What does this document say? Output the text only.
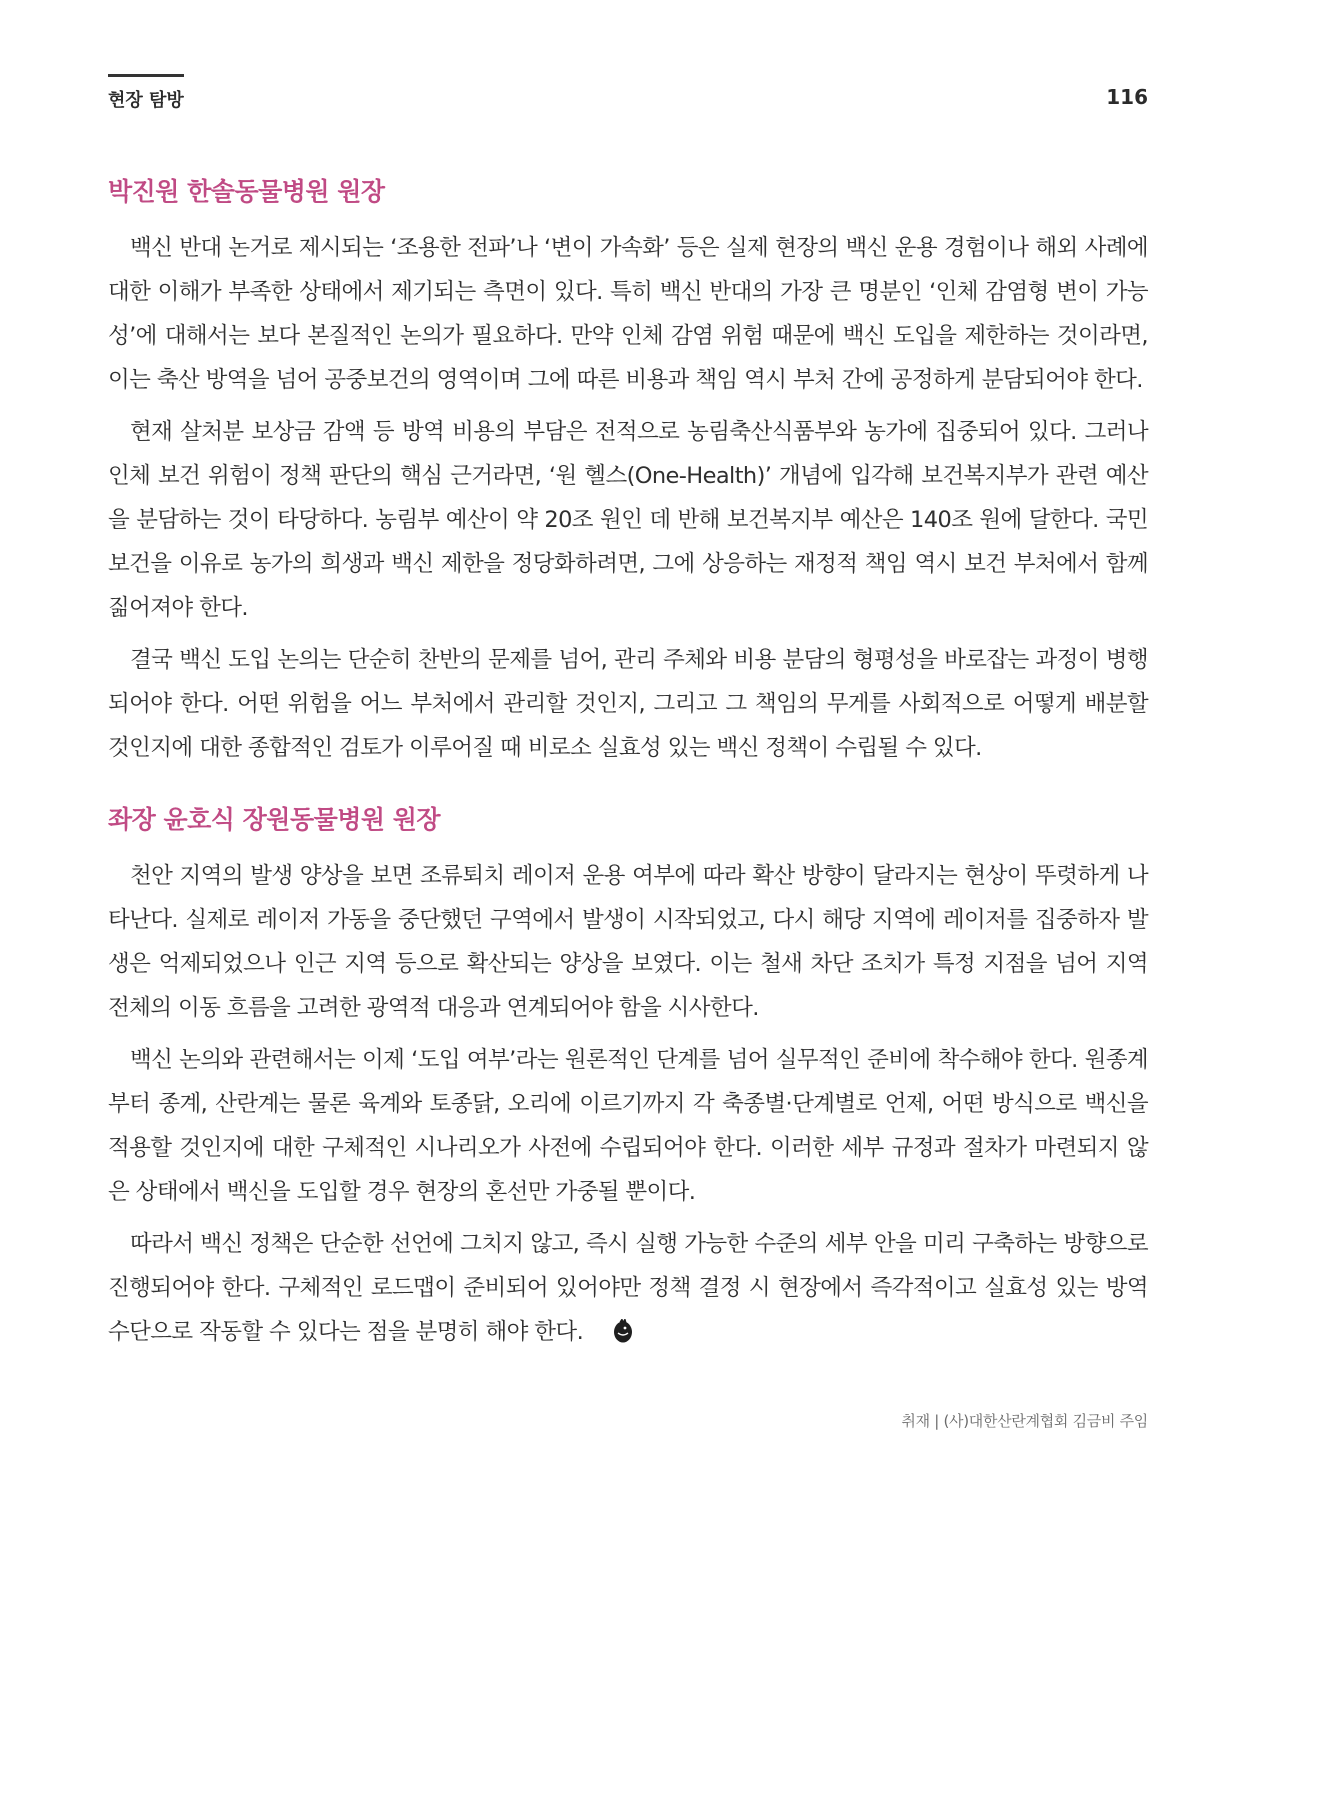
현장 탐방	116
박진원 한솔동물병원 원장

백신 반대 논거로 제시되는 ‘조용한 전파’나 ‘변이 가속화’ 등은 실제 현장의 백신 운용 경험이나 해외 사례에 대한 이해가 부족한 상태에서 제기되는 측면이 있다. 특히 백신 반대의 가장 큰 명분인 ‘인체 감염형 변이 가능성’에 대해서는 보다 본질적인 논의가 필요하다. 만약 인체 감염 위험 때문에 백신 도입을 제한하는 것이라면, 이는 축산 방역을 넘어 공중보건의 영역이며 그에 따른 비용과 책임 역시 부처 간에 공정하게 분담되어야 한다.

현재 살처분 보상금 감액 등 방역 비용의 부담은 전적으로 농림축산식품부와 농가에 집중되어 있다. 그러나 인체 보건 위험이 정책 판단의 핵심 근거라면, ‘원 헬스(One-Health)’ 개념에 입각해 보건복지부가 관련 예산을 분담하는 것이 타당하다. 농림부 예산이 약 20조 원인 데 반해 보건복지부 예산은 140조 원에 달한다. 국민 보건을 이유로 농가의 희생과 백신 제한을 정당화하려면, 그에 상응하는 재정적 책임 역시 보건 부처에서 함께 짊어져야 한다.

결국 백신 도입 논의는 단순히 찬반의 문제를 넘어, 관리 주체와 비용 분담의 형평성을 바로잡는 과정이 병행되어야 한다. 어떤 위험을 어느 부처에서 관리할 것인지, 그리고 그 책임의 무게를 사회적으로 어떻게 배분할 것인지에 대한 종합적인 검토가 이루어질 때 비로소 실효성 있는 백신 정책이 수립될 수 있다.

좌장 윤호식 장원동물병원 원장

천안 지역의 발생 양상을 보면 조류퇴치 레이저 운용 여부에 따라 확산 방향이 달라지는 현상이 뚜렷하게 나타난다. 실제로 레이저 가동을 중단했던 구역에서 발생이 시작되었고, 다시 해당 지역에 레이저를 집중하자 발생은 억제되었으나 인근 지역 등으로 확산되는 양상을 보였다. 이는 철새 차단 조치가 특정 지점을 넘어 지역 전체의 이동 흐름을 고려한 광역적 대응과 연계되어야 함을 시사한다.

백신 논의와 관련해서는 이제 ‘도입 여부’라는 원론적인 단계를 넘어 실무적인 준비에 착수해야 한다. 원종계부터 종계, 산란계는 물론 육계와 토종닭, 오리에 이르기까지 각 축종별·단계별로 언제, 어떤 방식으로 백신을 적용할 것인지에 대한 구체적인 시나리오가 사전에 수립되어야 한다. 이러한 세부 규정과 절차가 마련되지 않은 상태에서 백신을 도입할 경우 현장의 혼선만 가중될 뿐이다.

따라서 백신 정책은 단순한 선언에 그치지 않고, 즉시 실행 가능한 수준의 세부 안을 미리 구축하는 방향으로 진행되어야 한다. 구체적인 로드맵이 준비되어 있어야만 정책 결정 시 현장에서 즉각적이고 실효성 있는 방역 수단으로 작동할 수 있다는 점을 분명히 해야 한다.

취재 | (사)대한산란계협회 김금비 주임
